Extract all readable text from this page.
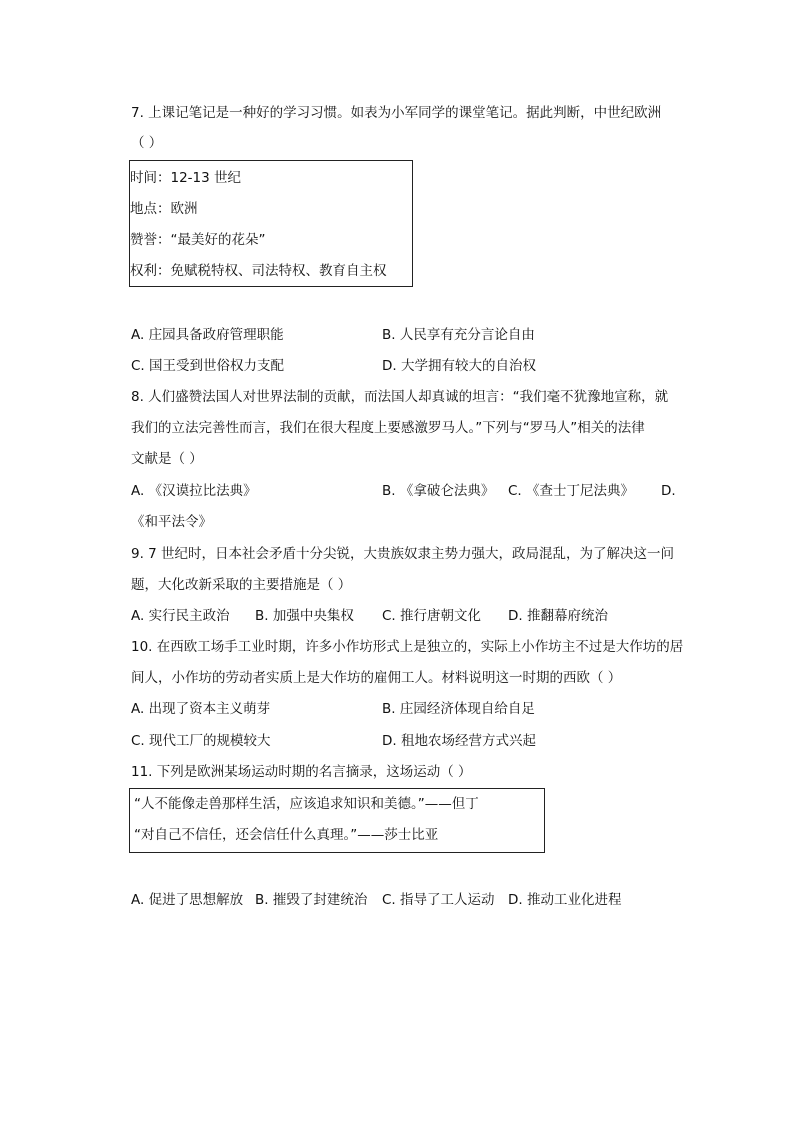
7. 上课记笔记是一种好的学习习惯。如表为小军同学的课堂笔记。据此判断，中世纪欧洲
（ ）
时间：12-13 世纪
地点：欧洲
赞誉：“最美好的花朵”
权利：免赋税特权、司法特权、教育自主权
A. 庄园具备政府管理职能	B. 人民享有充分言论自由
C. 国王受到世俗权力支配	D. 大学拥有较大的自治权
8. 人们盛赞法国人对世界法制的贡献，而法国人却真诚的坦言：“我们毫不犹豫地宣称，就
我们的立法完善性而言，我们在很大程度上要感激罗马人。”下列与“罗马人”相关的法律
文献是（ ）
A. 《汉谟拉比法典》	B. 《拿破仑法典》 C. 《查士丁尼法典》 D.
《和平法令》
9. 7 世纪时，日本社会矛盾十分尖锐，大贵族奴隶主势力强大，政局混乱，为了解决这一问
题，大化改新采取的主要措施是（ ）
A. 实行民主政治 B. 加强中央集权 C. 推行唐朝文化 D. 推翻幕府统治
10. 在西欧工场手工业时期，许多小作坊形式上是独立的，实际上小作坊主不过是大作坊的居
间人，小作坊的劳动者实质上是大作坊的雇佣工人。材料说明这一时期的西欧（ ）
A. 出现了资本主义萌芽	B. 庄园经济体现自给自足
C. 现代工厂的规模较大	D. 租地农场经营方式兴起
11. 下列是欧洲某场运动时期的名言摘录，这场运动（ ）
“人不能像走兽那样生活，应该追求知识和美德。”——但丁
“对自己不信任，还会信任什么真理。”——莎士比亚
A. 促进了思想解放 B. 摧毁了封建统治 C. 指导了工人运动 D. 推动工业化进程
